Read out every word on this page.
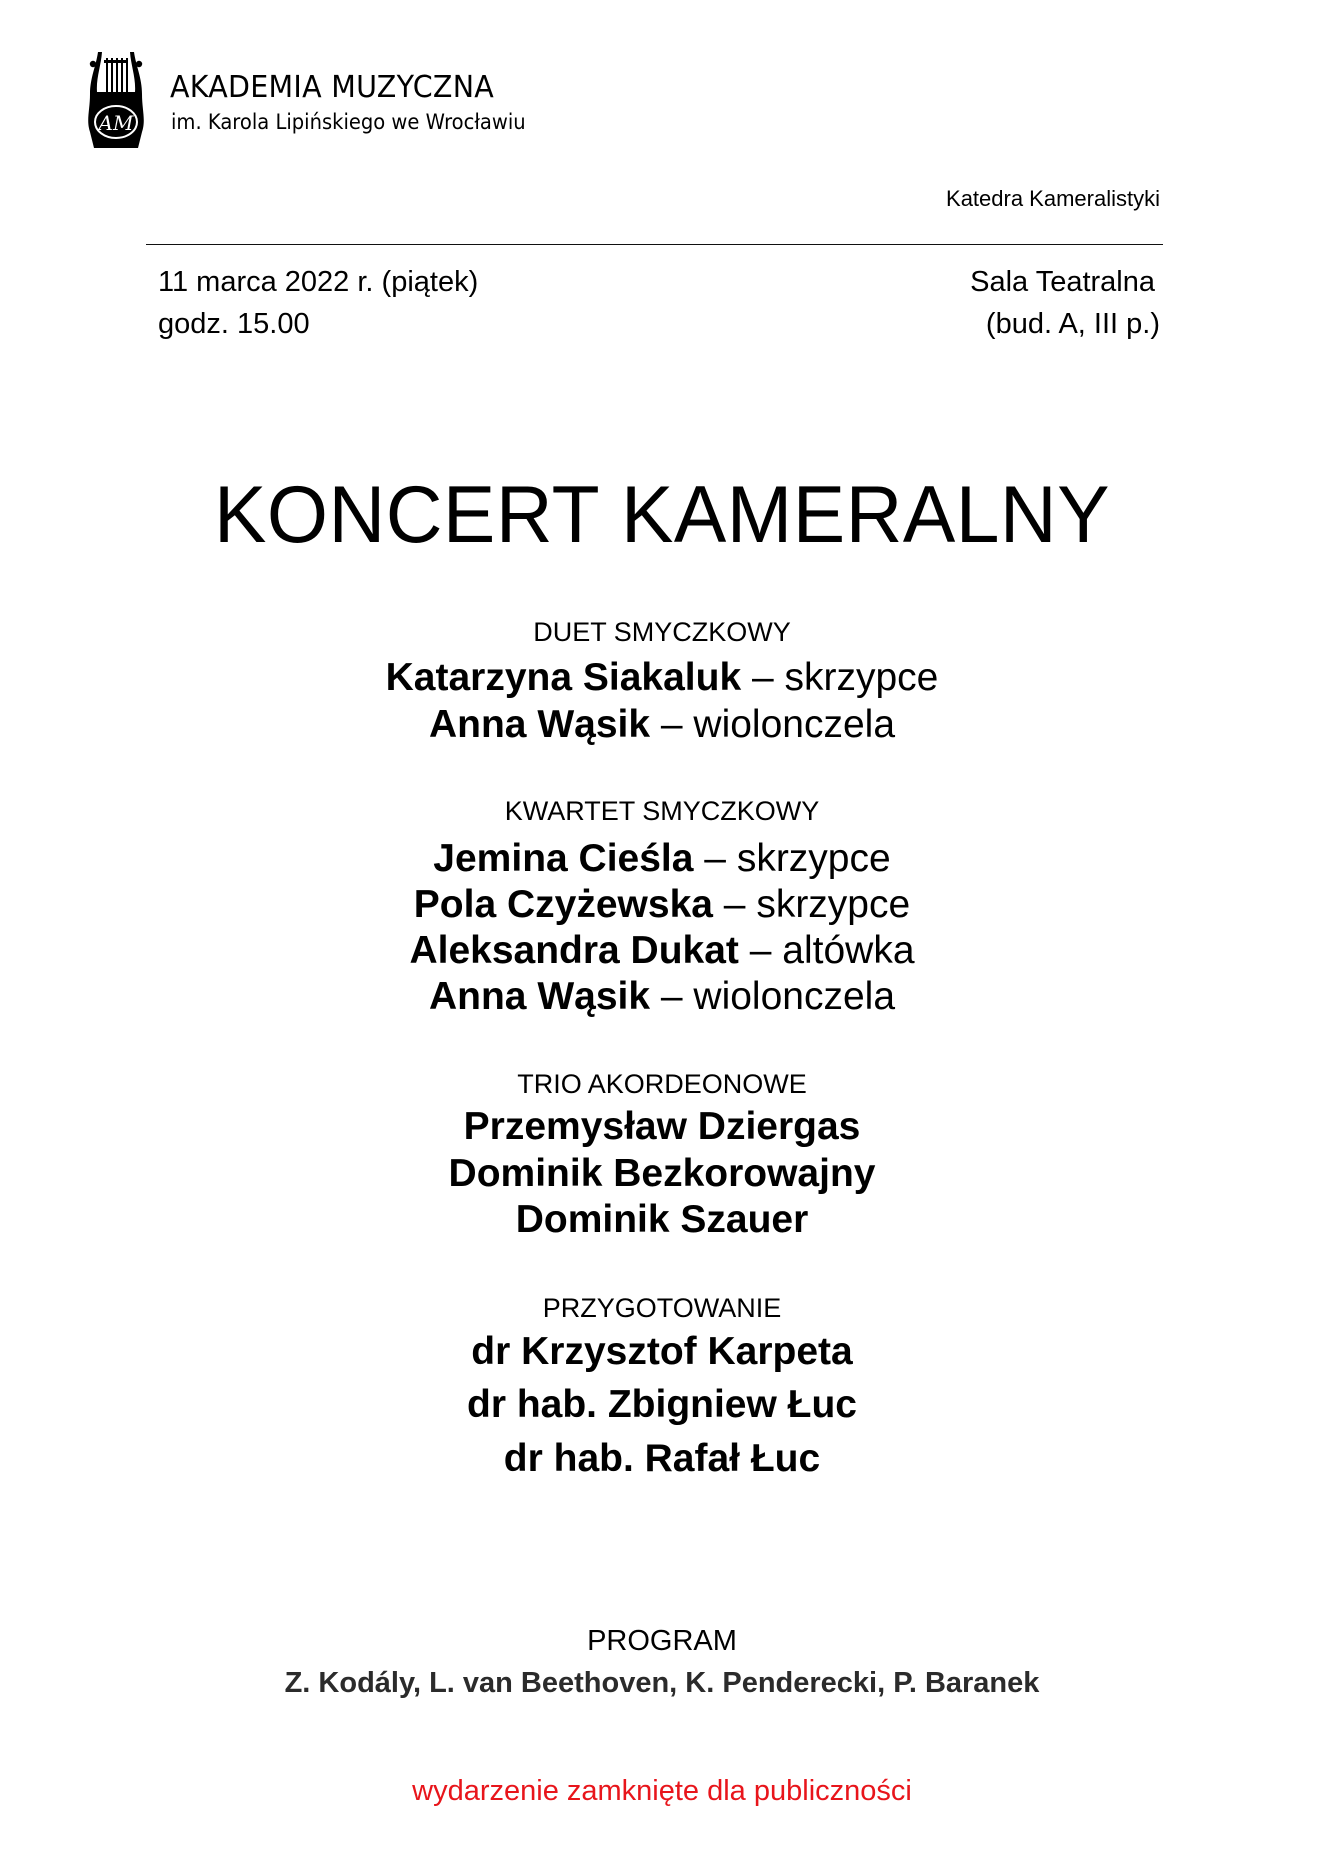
AM
AKADEMIA MUZYCZNA
im. Karola Lipińskiego we Wrocławiu
Katedra Kameralistyki
11 marca 2022 r. (piątek)
godz. 15.00
Sala Teatralna
(bud. A, III p.)
KONCERT KAMERALNY
DUET SMYCZKOWY
Katarzyna Siakaluk – skrzypce
Anna Wąsik – wiolonczela
KWARTET SMYCZKOWY
Jemina Cieśla – skrzypce
Pola Czyżewska – skrzypce
Aleksandra Dukat – altówka
Anna Wąsik – wiolonczela
TRIO AKORDEONOWE
Przemysław Dziergas
Dominik Bezkorowajny
Dominik Szauer
PRZYGOTOWANIE
dr Krzysztof Karpeta
dr hab. Zbigniew Łuc
dr hab. Rafał Łuc
PROGRAM
Z. Kodály, L. van Beethoven, K. Penderecki, P. Baranek
wydarzenie zamknięte dla publiczności
